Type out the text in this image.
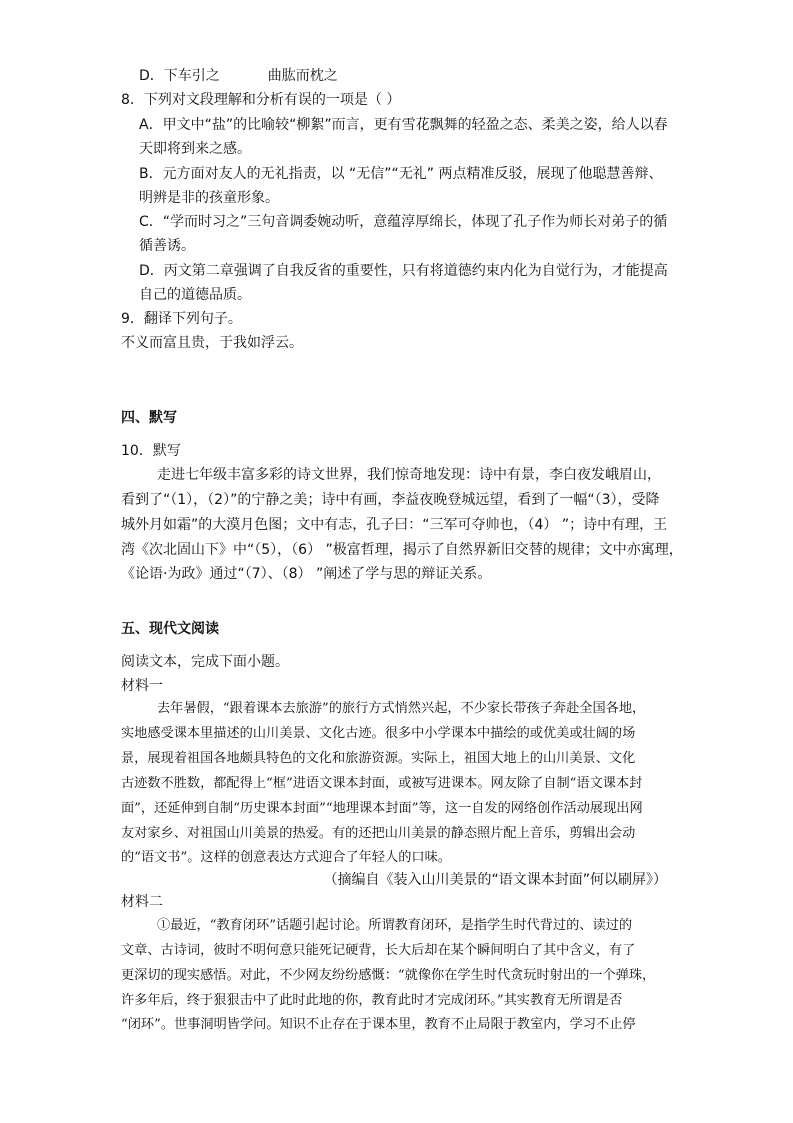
D．下车引之	曲肱而枕之
8．下列对文段理解和分析有误的一项是（ ）
A．甲文中“盐”的比喻较“柳絮”而言，更有雪花飘舞的轻盈之态、柔美之姿，给人以春
天即将到来之感。
B．元方面对友人的无礼指责，以 “无信”“无礼” 两点精准反驳，展现了他聪慧善辩、
明辨是非的孩童形象。
C．“学而时习之”三句音调委婉动听，意蕴淳厚绵长，体现了孔子作为师长对弟子的循
循善诱。
D．丙文第二章强调了自我反省的重要性，只有将道德约束内化为自觉行为，才能提高
自己的道德品质。
9．翻译下列句子。
不义而富且贵，于我如浮云。
四、默写
10．默写
走进七年级丰富多彩的诗文世界，我们惊奇地发现：诗中有景，李白夜发峨眉山，
看到了“（1），（2）”的宁静之美；诗中有画，李益夜晚登城远望，看到了一幅“（3），受降
城外月如霜”的大漠月色图；文中有志，孔子曰：“三军可夺帅也，（4） ”；诗中有理，王
湾《次北固山下》中“（5），（6） ”极富哲理，揭示了自然界新旧交替的规律；文中亦寓理，
《论语·为政》通过“（7）、（8） ”阐述了学与思的辩证关系。
五、现代文阅读
阅读文本，完成下面小题。
材料一
去年暑假，“跟着课本去旅游”的旅行方式悄然兴起，不少家长带孩子奔赴全国各地，
实地感受课本里描述的山川美景、文化古迹。很多中小学课本中描绘的或优美或壮阔的场
景，展现着祖国各地颇具特色的文化和旅游资源。实际上，祖国大地上的山川美景、文化
古迹数不胜数，都配得上“框”进语文课本封面，或被写进课本。网友除了自制“语文课本封
面”，还延伸到自制“历史课本封面”“地理课本封面”等，这一自发的网络创作活动展现出网
友对家乡、对祖国山川美景的热爱。有的还把山川美景的静态照片配上音乐，剪辑出会动
的“语文书”。这样的创意表达方式迎合了年轻人的口味。
（摘编自《装入山川美景的“语文课本封面”何以刷屏》）
材料二
①最近，“教育闭环”话题引起讨论。所谓教育闭环，是指学生时代背过的、读过的
文章、古诗词，彼时不明何意只能死记硬背，长大后却在某个瞬间明白了其中含义，有了
更深切的现实感悟。对此，不少网友纷纷感慨：“就像你在学生时代贪玩时射出的一个弹珠，
许多年后，终于狠狠击中了此时此地的你，教育此时才完成闭环。”其实教育无所谓是否
“闭环”。世事洞明皆学问。知识不止存在于课本里，教育不止局限于教室内，学习不止停
